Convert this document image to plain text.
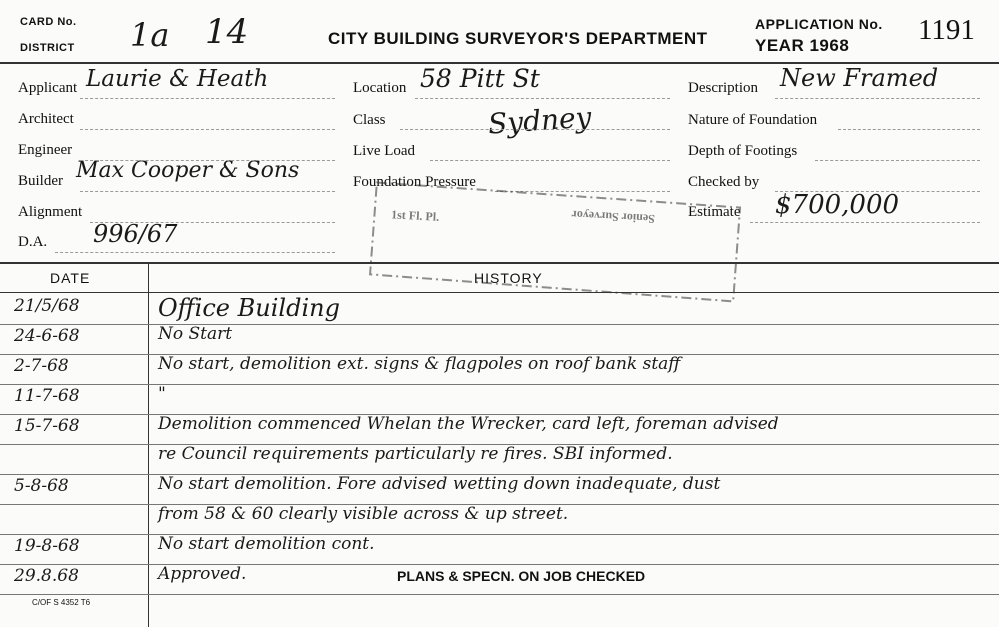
CARD No.
DISTRICT 1a 14	CITY BUILDING SURVEYOR'S DEPARTMENT
APPLICATION No.
YEAR 1968 1191
Applicant Laurie & Heath
Architect
Engineer
Builder Max Cooper & Sons
Alignment
D.A. 996/67
Location 58 Pitt St
Class	Sydney
Live Load
Foundation Pressure
Description New Framed
Nature of Foundation
Depth of Footings
Checked by
Estimate $700,000
Senior Surveyor
1st Fl. Pl.
DATE	HISTORY
21/5/68	Office Building
24-6-68	No Start
2-7-68	No start, demolition ext. signs & flagpoles on roof bank staff
11-7-68	"
15-7-68	Demolition commenced Whelan the Wrecker, card left, foreman advised
re Council requirements particularly re fires. SBI informed.
5-8-68	No start demolition. Fore advised wetting down inadequate, dust
from 58 & 60 clearly visible across & up street.
19-8-68	No start demolition cont.
29.8.68	Approved.	PLANS & SPECN. ON JOB CHECKED
C/OF S 4352 T6
